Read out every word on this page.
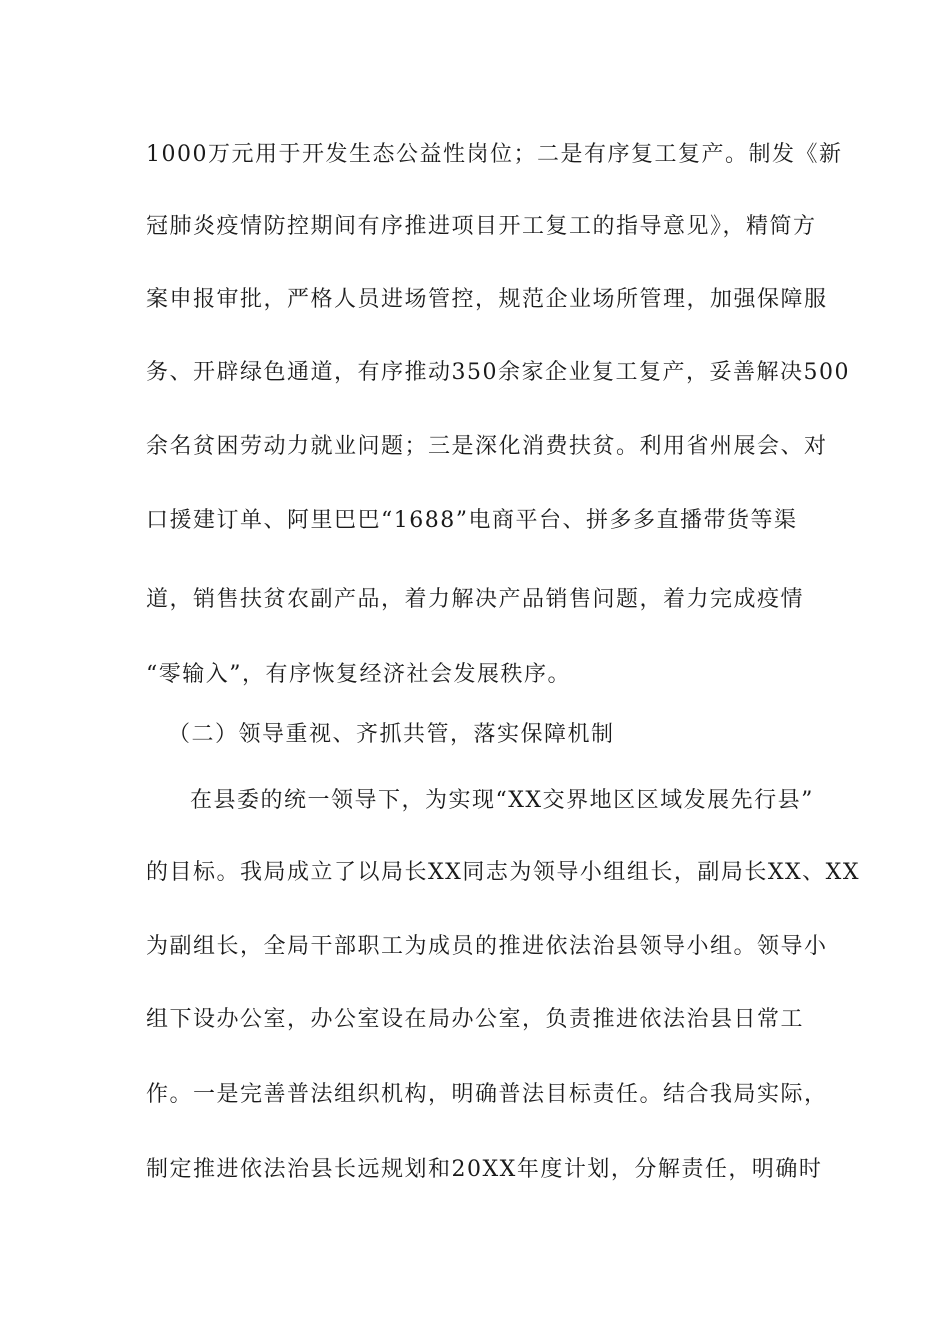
1000万元用于开发生态公益性岗位；二是有序复工复产。制发《新
冠肺炎疫情防控期间有序推进项目开工复工的指导意见》，精简方
案申报审批，严格人员进场管控，规范企业场所管理，加强保障服
务、开辟绿色通道，有序推动350余家企业复工复产，妥善解决500
余名贫困劳动力就业问题；三是深化消费扶贫。利用省州展会、对
口援建订单、阿里巴巴“1688”电商平台、拼多多直播带货等渠
道，销售扶贫农副产品，着力解决产品销售问题，着力完成疫情
“零输入”，有序恢复经济社会发展秩序。
（二）领导重视、齐抓共管，落实保障机制
在县委的统一领导下，为实现“XX交界地区区域发展先行县”
的目标。我局成立了以局长XX同志为领导小组组长，副局长XX、XX
为副组长，全局干部职工为成员的推进依法治县领导小组。领导小
组下设办公室，办公室设在局办公室，负责推进依法治县日常工
作。一是完善普法组织机构，明确普法目标责任。结合我局实际，
制定推进依法治县长远规划和20XX年度计划，分解责任，明确时
